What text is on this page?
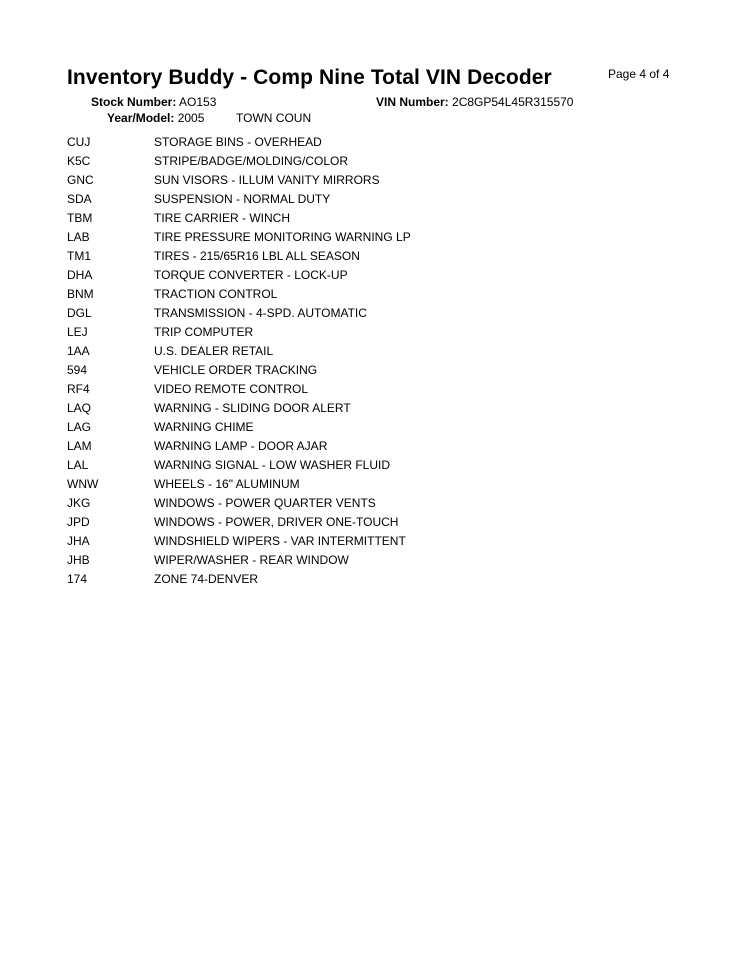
Inventory Buddy - Comp Nine Total VIN Decoder	Page 4 of 4
Stock Number: AO153
Year/Model: 2005	TOWN COUN
VIN Number: 2C8GP54L45R315570
CUJ	STORAGE BINS - OVERHEAD
K5C	STRIPE/BADGE/MOLDING/COLOR
GNC	SUN VISORS - ILLUM VANITY MIRRORS
SDA	SUSPENSION - NORMAL DUTY
TBM	TIRE CARRIER - WINCH
LAB	TIRE PRESSURE MONITORING WARNING LP
TM1	TIRES - 215/65R16 LBL ALL SEASON
DHA	TORQUE CONVERTER - LOCK-UP
BNM	TRACTION CONTROL
DGL	TRANSMISSION - 4-SPD. AUTOMATIC
LEJ	TRIP COMPUTER
1AA	U.S. DEALER RETAIL
594	VEHICLE ORDER TRACKING
RF4	VIDEO REMOTE CONTROL
LAQ	WARNING - SLIDING DOOR ALERT
LAG	WARNING CHIME
LAM	WARNING LAMP - DOOR AJAR
LAL	WARNING SIGNAL - LOW WASHER FLUID
WNW	WHEELS - 16" ALUMINUM
JKG	WINDOWS - POWER QUARTER VENTS
JPD	WINDOWS - POWER, DRIVER ONE-TOUCH
JHA	WINDSHIELD WIPERS - VAR INTERMITTENT
JHB	WIPER/WASHER - REAR WINDOW
174	ZONE 74-DENVER
